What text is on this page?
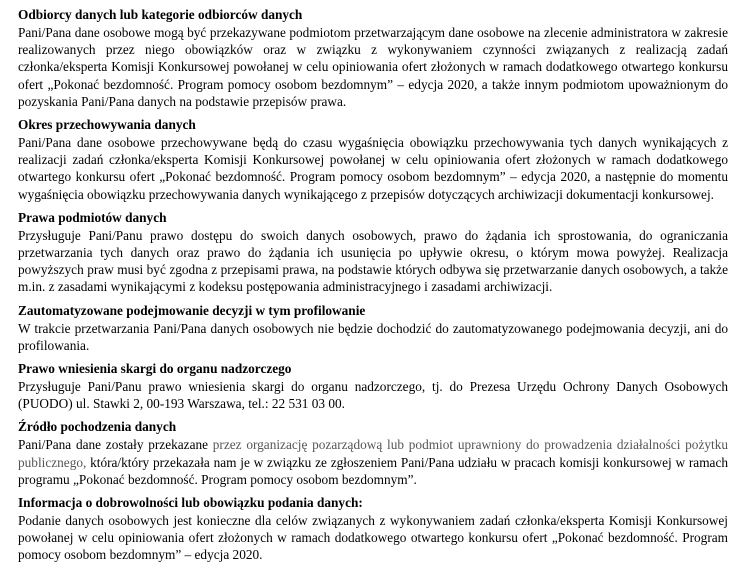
Odbiorcy danych lub kategorie odbiorców danych

Pani/Pana dane osobowe mogą być przekazywane podmiotom przetwarzającym dane osobowe na zlecenie administratora w zakresie realizowanych przez niego obowiązków oraz w związku z wykonywaniem czynności związanych z realizacją zadań członka/eksperta Komisji Konkursowej powołanej w celu opiniowania ofert złożonych w ramach dodatkowego otwartego konkursu ofert „Pokonać bezdomność. Program pomocy osobom bezdomnym” – edycja 2020, a także innym podmiotom upoważnionym do pozyskania Pani/Pana danych na podstawie przepisów prawa.

Okres przechowywania danych

Pani/Pana dane osobowe przechowywane będą do czasu wygaśnięcia obowiązku przechowywania tych danych wynikających z realizacji zadań członka/eksperta Komisji Konkursowej powołanej w celu opiniowania ofert złożonych w ramach dodatkowego otwartego konkursu ofert „Pokonać bezdomność. Program pomocy osobom bezdomnym” – edycja 2020, a następnie do momentu wygaśnięcia obowiązku przechowywania danych wynikającego z przepisów dotyczących archiwizacji dokumentacji konkursowej.

Prawa podmiotów danych

Przysługuje Pani/Panu prawo dostępu do swoich danych osobowych, prawo do żądania ich sprostowania, do ograniczania przetwarzania tych danych oraz prawo do żądania ich usunięcia po upływie okresu, o którym mowa powyżej. Realizacja powyższych praw musi być zgodna z przepisami prawa, na podstawie których odbywa się przetwarzanie danych osobowych, a także m.in. z zasadami wynikającymi z kodeksu postępowania administracyjnego i zasadami archiwizacji.

Zautomatyzowane podejmowanie decyzji w tym profilowanie

W trakcie przetwarzania Pani/Pana danych osobowych nie będzie dochodzić do zautomatyzowanego podejmowania decyzji, ani do profilowania.

Prawo wniesienia skargi do organu nadzorczego

Przysługuje Pani/Panu prawo wniesienia skargi do organu nadzorczego, tj. do Prezesa Urzędu Ochrony Danych Osobowych (PUODO) ul. Stawki 2, 00-193 Warszawa, tel.: 22 531 03 00.

Źródło pochodzenia danych

Pani/Pana dane zostały przekazane przez organizację pozarządową lub podmiot uprawniony do prowadzenia działalności pożytku publicznego, która/który przekazała nam je w związku ze zgłoszeniem Pani/Pana udziału w pracach komisji konkursowej w ramach programu „Pokonać bezdomność. Program pomocy osobom bezdomnym”.

Informacja o dobrowolności lub obowiązku podania danych:

Podanie danych osobowych jest konieczne dla celów związanych z wykonywaniem zadań członka/eksperta Komisji Konkursowej powołanej w celu opiniowania ofert złożonych w ramach dodatkowego otwartego konkursu ofert „Pokonać bezdomność. Program pomocy osobom bezdomnym” – edycja 2020.
